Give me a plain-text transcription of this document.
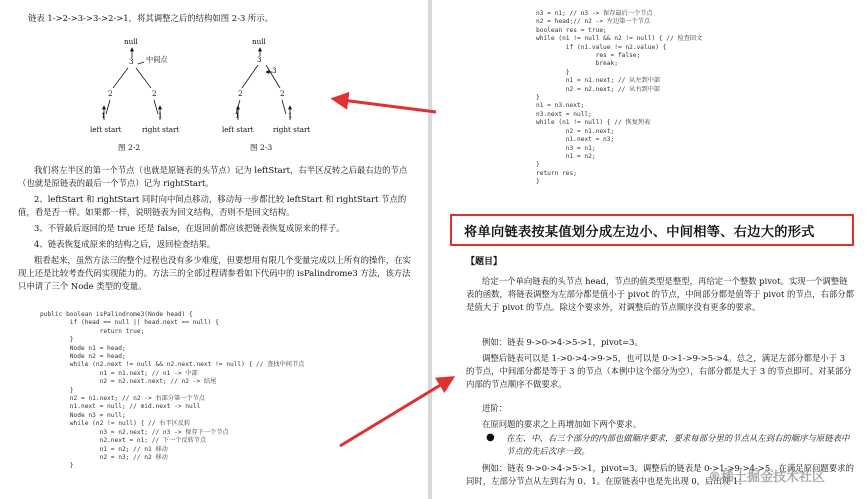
链表 1->2->3->3->2->1，将其调整之后的结构如图 2-3 所示。

null
3 中间点
2	2
1	1
left start	right start
图 2-2
null
3
3
2	2
1	1
left start	right start
图 2-3

我们将左半区的第一个节点（也就是原链表的头节点）记为 leftStart，右半区反转之后最右边的节点（也就是原链表的最后一个节点）记为 rightStart。

2、leftStart 和 rightStart 同时向中间点移动，移动每一步都比较 leftStart 和 rightStart 节点的值，看是否一样。如果都一样，说明链表为回文结构，否则不是回文结构。

3、不管最后返回的是 true 还是 false，在返回前都应该把链表恢复成原来的样子。

4、链表恢复成原来的结构之后，返回检查结果。

粗看起来，虽然方法三的整个过程也没有多少难度，但要想用有限几个变量完成以上所有的操作，在实现上还是比较考查代码实现能力的。方法三的全部过程请参看如下代码中的 isPalindrome3 方法，该方法只申请了三个 Node 类型的变量。

public boolean isPalindrome3(Node head) {
if (head == null || head.next == null) {
return true;
}
Node n1 = head;
Node n2 = head;
while (n2.next != null && n2.next.next != null) { // 查找中间节点
n1 = n1.next; // n1 -> 中部
n2 = n2.next.next; // n2 -> 结尾
}
n2 = n1.next; // n2 -> 右部分第一个节点
n1.next = null; // mid.next -> null
Node n3 = null;
while (n2 != null) { // 右半区反转
n3 = n2.next; // n3 -> 保存下一个节点
n2.next = n1; // 下一个反转节点
n1 = n2; // n1 移动
n2 = n3; // n2 移动
}
n3 = n1; // n3 -> 保存最后一个节点
n2 = head;// n2 -> 左边第一个节点
boolean res = true;
while (n1 != null && n2 != null) { // 检查回文
if (n1.value != n2.value) {
res = false;
break;
}
n1 = n1.next; // 从左到中部
n2 = n2.next; // 从右到中部
}
n1 = n3.next;
n3.next = null;
while (n1 != null) { // 恢复列表
n2 = n1.next;
n1.next = n3;
n3 = n1;
n1 = n2;
}
return res;
}
将单向链表按某值划分成左边小、中间相等、右边大的形式
【题目】

给定一个单向链表的头节点 head，节点的值类型是整型，再给定一个整数 pivot。实现一个调整链表的函数，将链表调整为左部分都是值小于 pivot 的节点，中间部分都是值等于 pivot 的节点，右部分都是值大于 pivot 的节点。除这个要求外，对调整后的节点顺序没有更多的要求。

例如：链表 9->0->4->5->1，pivot=3。

调整后链表可以是 1->0->4->9->5，也可以是 0->1->9->5->4。总之，满足左部分都是小于 3 的节点，中间部分都是等于 3 的节点（本例中这个部分为空），右部分都是大于 3 的节点即可。对某部分内部的节点顺序不做要求。

进阶：

在原问题的要求之上再增加如下两个要求。

● 在左、中、右三个部分的内部也做顺序要求，要求每部分里的节点从左到右的顺序与原链表中节点的先后次序一致。

例如：链表 9->0->4->5->1，pivot=3。调整后的链表是 0->1->9->4->5。在满足原问题要求的同时，左部分节点从左到右为 0、1。在原链表中也是先出现 0，后出现 1；

®稀土掘金技术社区
